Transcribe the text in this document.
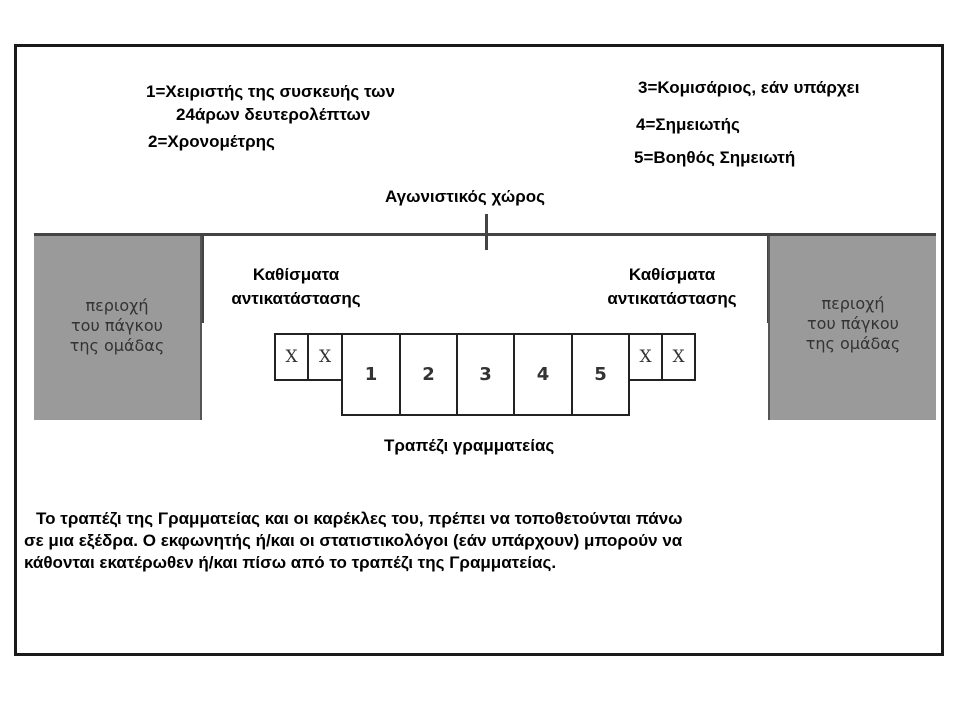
1=Χειριστής της συσκευής των
24άρων δευτερολέπτων
2=Χρονομέτρης
3=Κομισάριος, εάν υπάρχει
4=Σημειωτής
5=Βοηθός Σημειωτή
Αγωνιστικός χώρος
περιοχή
του πάγκου
της ομάδας
περιοχή
του πάγκου
της ομάδας
Καθίσματα
αντικατάστασης
Καθίσματα
αντικατάστασης
X	X
1	2	3	4	5
X	X
Τραπέζι γραμματείας
Το τραπέζι της Γραμματείας και οι καρέκλες του, πρέπει να τοποθετούνται πάνω
σε μια εξέδρα. Ο εκφωνητής ή/και οι στατιστικολόγοι (εάν υπάρχουν) μπορούν να
κάθονται εκατέρωθεν ή/και πίσω από το τραπέζι της Γραμματείας.
